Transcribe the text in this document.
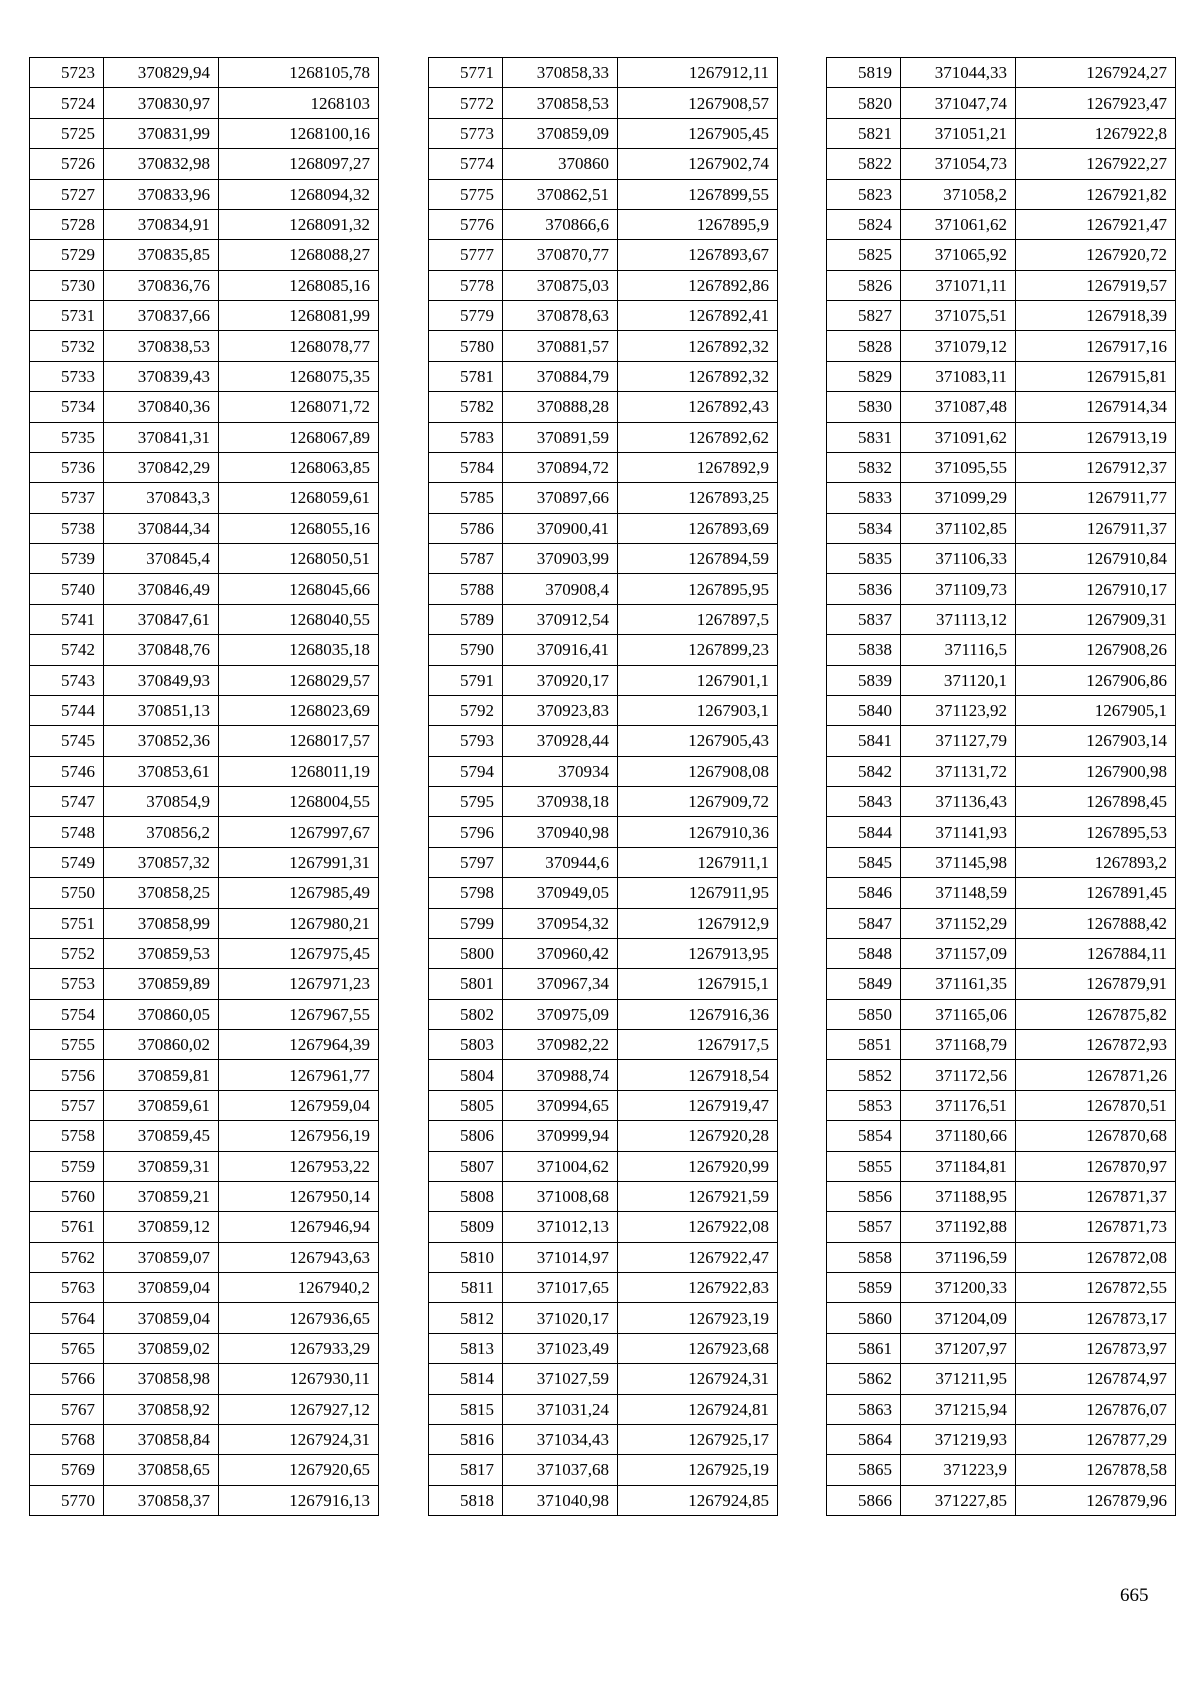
5723	370829,94	1268105,78
5724	370830,97	1268103
5725	370831,99	1268100,16
5726	370832,98	1268097,27
5727	370833,96	1268094,32
5728	370834,91	1268091,32
5729	370835,85	1268088,27
5730	370836,76	1268085,16
5731	370837,66	1268081,99
5732	370838,53	1268078,77
5733	370839,43	1268075,35
5734	370840,36	1268071,72
5735	370841,31	1268067,89
5736	370842,29	1268063,85
5737	370843,3	1268059,61
5738	370844,34	1268055,16
5739	370845,4	1268050,51
5740	370846,49	1268045,66
5741	370847,61	1268040,55
5742	370848,76	1268035,18
5743	370849,93	1268029,57
5744	370851,13	1268023,69
5745	370852,36	1268017,57
5746	370853,61	1268011,19
5747	370854,9	1268004,55
5748	370856,2	1267997,67
5749	370857,32	1267991,31
5750	370858,25	1267985,49
5751	370858,99	1267980,21
5752	370859,53	1267975,45
5753	370859,89	1267971,23
5754	370860,05	1267967,55
5755	370860,02	1267964,39
5756	370859,81	1267961,77
5757	370859,61	1267959,04
5758	370859,45	1267956,19
5759	370859,31	1267953,22
5760	370859,21	1267950,14
5761	370859,12	1267946,94
5762	370859,07	1267943,63
5763	370859,04	1267940,2
5764	370859,04	1267936,65
5765	370859,02	1267933,29
5766	370858,98	1267930,11
5767	370858,92	1267927,12
5768	370858,84	1267924,31
5769	370858,65	1267920,65
5770	370858,37	1267916,13
5771	370858,33	1267912,11
5772	370858,53	1267908,57
5773	370859,09	1267905,45
5774	370860	1267902,74
5775	370862,51	1267899,55
5776	370866,6	1267895,9
5777	370870,77	1267893,67
5778	370875,03	1267892,86
5779	370878,63	1267892,41
5780	370881,57	1267892,32
5781	370884,79	1267892,32
5782	370888,28	1267892,43
5783	370891,59	1267892,62
5784	370894,72	1267892,9
5785	370897,66	1267893,25
5786	370900,41	1267893,69
5787	370903,99	1267894,59
5788	370908,4	1267895,95
5789	370912,54	1267897,5
5790	370916,41	1267899,23
5791	370920,17	1267901,1
5792	370923,83	1267903,1
5793	370928,44	1267905,43
5794	370934	1267908,08
5795	370938,18	1267909,72
5796	370940,98	1267910,36
5797	370944,6	1267911,1
5798	370949,05	1267911,95
5799	370954,32	1267912,9
5800	370960,42	1267913,95
5801	370967,34	1267915,1
5802	370975,09	1267916,36
5803	370982,22	1267917,5
5804	370988,74	1267918,54
5805	370994,65	1267919,47
5806	370999,94	1267920,28
5807	371004,62	1267920,99
5808	371008,68	1267921,59
5809	371012,13	1267922,08
5810	371014,97	1267922,47
5811	371017,65	1267922,83
5812	371020,17	1267923,19
5813	371023,49	1267923,68
5814	371027,59	1267924,31
5815	371031,24	1267924,81
5816	371034,43	1267925,17
5817	371037,68	1267925,19
5818	371040,98	1267924,85
5819	371044,33	1267924,27
5820	371047,74	1267923,47
5821	371051,21	1267922,8
5822	371054,73	1267922,27
5823	371058,2	1267921,82
5824	371061,62	1267921,47
5825	371065,92	1267920,72
5826	371071,11	1267919,57
5827	371075,51	1267918,39
5828	371079,12	1267917,16
5829	371083,11	1267915,81
5830	371087,48	1267914,34
5831	371091,62	1267913,19
5832	371095,55	1267912,37
5833	371099,29	1267911,77
5834	371102,85	1267911,37
5835	371106,33	1267910,84
5836	371109,73	1267910,17
5837	371113,12	1267909,31
5838	371116,5	1267908,26
5839	371120,1	1267906,86
5840	371123,92	1267905,1
5841	371127,79	1267903,14
5842	371131,72	1267900,98
5843	371136,43	1267898,45
5844	371141,93	1267895,53
5845	371145,98	1267893,2
5846	371148,59	1267891,45
5847	371152,29	1267888,42
5848	371157,09	1267884,11
5849	371161,35	1267879,91
5850	371165,06	1267875,82
5851	371168,79	1267872,93
5852	371172,56	1267871,26
5853	371176,51	1267870,51
5854	371180,66	1267870,68
5855	371184,81	1267870,97
5856	371188,95	1267871,37
5857	371192,88	1267871,73
5858	371196,59	1267872,08
5859	371200,33	1267872,55
5860	371204,09	1267873,17
5861	371207,97	1267873,97
5862	371211,95	1267874,97
5863	371215,94	1267876,07
5864	371219,93	1267877,29
5865	371223,9	1267878,58
5866	371227,85	1267879,96
665
